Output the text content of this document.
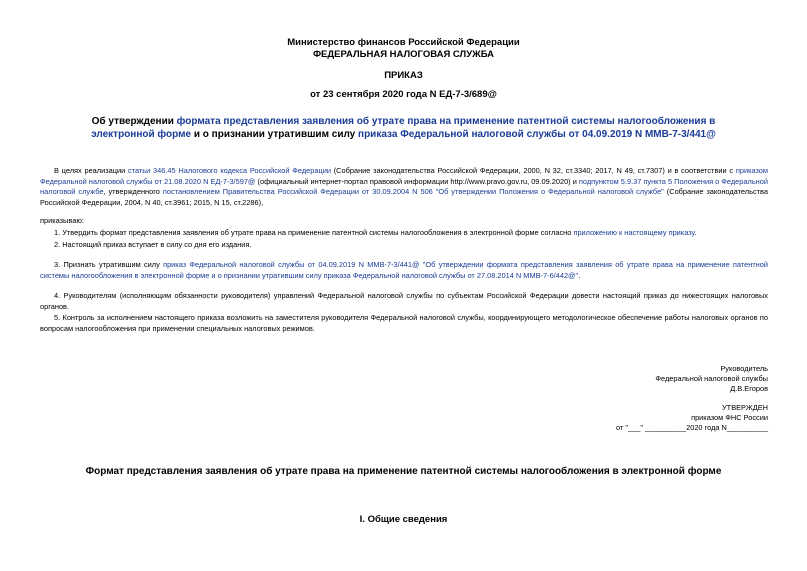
Министерство финансов Российской Федерации
ФЕДЕРАЛЬНАЯ НАЛОГОВАЯ СЛУЖБА
ПРИКАЗ
от 23 сентября 2020 года N ЕД-7-3/689@
Об утверждении формата представления заявления об утрате права на применение патентной системы налогообложения в электронной форме и о признании утратившим силу приказа Федеральной налоговой службы от 04.09.2019 N ММВ-7-3/441@
В целях реализации статьи 346.45 Налогового кодекса Российской Федерации (Собрание законодательства Российской Федерации, 2000, N 32, ст.3340; 2017, N 49, ст.7307) и в соответствии с приказом Федеральной налоговой службы от 21.08.2020 N ЕД-7-3/597@ (официальный интернет-портал правовой информации http://www.pravo.gov.ru, 09.09.2020) и подпунктом 5.9.37 пункта 5 Положения о Федеральной налоговой службе, утвержденного постановлением Правительства Российской Федерации от 30.09.2004 N 506 "Об утверждении Положения о Федеральной налоговой службе" (Собрание законодательства Российской Федерации, 2004, N 40, ст.3961; 2015, N 15, ст.2286),
приказываю:
1. Утвердить формат представления заявления об утрате права на применение патентной системы налогообложения в электронной форме согласно приложению к настоящему приказу.
2. Настоящий приказ вступает в силу со дня его издания.
3. Признать утратившим силу приказ Федеральной налоговой службы от 04.09.2019 N ММВ-7-3/441@ "Об утверждении формата представления заявления об утрате права на применение патентной системы налогообложения в электронной форме и о признании утратившим силу приказа Федеральной налоговой службы от 27.08.2014 N ММВ-7-6/442@".
4. Руководителям (исполняющим обязанности руководителя) управлений Федеральной налоговой службы по субъектам Российской Федерации довести настоящий приказ до нижестоящих налоговых органов.
5. Контроль за исполнением настоящего приказа возложить на заместителя руководителя Федеральной налоговой службы, координирующего методологическое обеспечение работы налоговых органов по вопросам налогообложения при применении специальных налоговых режимов.
Руководитель
Федеральной налоговой службы
Д.В.Егоров
УТВЕРЖДЕН
приказом ФНС России
от "___" __________2020 года N__________
Формат представления заявления об утрате права на применение патентной системы налогообложения в электронной форме
I. Общие сведения
